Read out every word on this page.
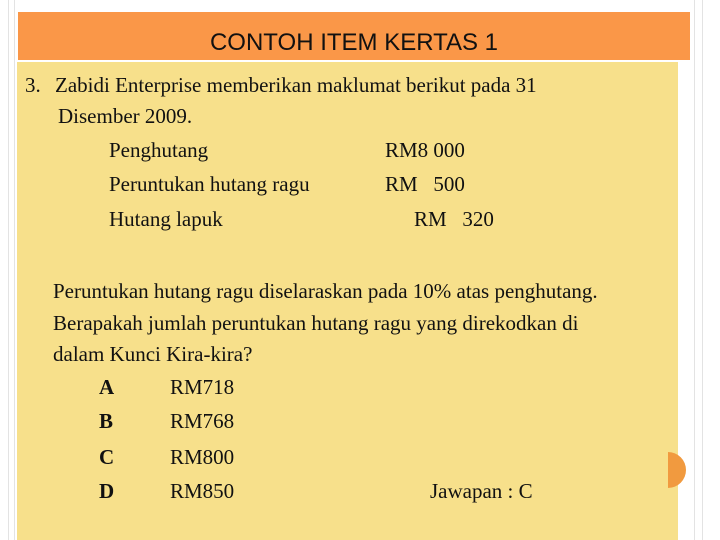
CONTOH ITEM KERTAS 1
3. Zabidi Enterprise memberikan maklumat berikut pada 31
Disember 2009.
Penghutang	RM8 000
Peruntukan hutang ragu	RM   500
Hutang lapuk	RM   320
Peruntukan hutang ragu diselaraskan pada 10% atas penghutang.
Berapakah jumlah peruntukan hutang ragu yang direkodkan di
dalam Kunci Kira-kira?
A	RM718
B	RM768
C	RM800
D	RM850	Jawapan : C
